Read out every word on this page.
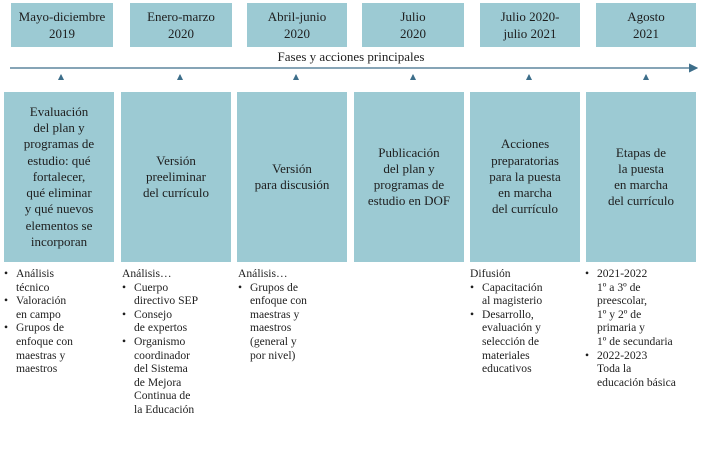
Mayo-diciembre
2019
Enero-marzo
2020
Abril-junio
2020
Julio
2020
Julio 2020-
julio 2021
Agosto
2021
Fases y acciones principales
Evaluación
del plan y
programas de
estudio: qué
fortalecer,
qué eliminar
y qué nuevos
elementos se
incorporan
Versión
preeliminar
del currículo
Versión
para discusión
Publicación
del plan y
programas de
estudio en DOF
Acciones
preparatorias
para la puesta
en marcha
del currículo
Etapas de
la puesta
en marcha
del currículo
• Análisis
técnico
• Valoración
en campo
• Grupos de
enfoque con
maestras y
maestros
Análisis…
• Cuerpo
directivo SEP
• Consejo
de expertos
• Organismo
coordinador
del Sistema
de Mejora
Continua de
la Educación
Análisis…
• Grupos de
enfoque con
maestras y
maestros
(general y
por nivel)
Difusión
• Capacitación
al magisterio
• Desarrollo,
evaluación y
selección de
materiales
educativos
• 2021-2022
1º a 3º de
preescolar,
1º y 2º de
primaria y
1º de secundaria
• 2022-2023
Toda la
educación básica
